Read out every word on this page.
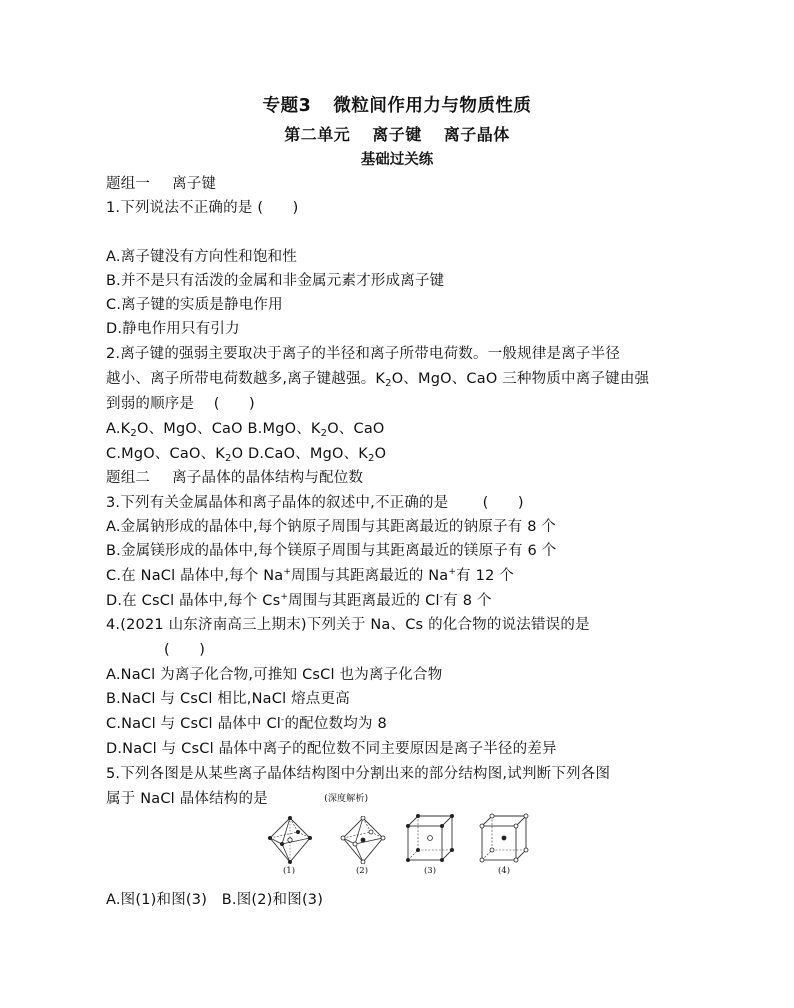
专题3 微粒间作用力与物质性质
第二单元 离子键 离子晶体
基础过关练
题组一 离子键
1.下列说法不正确的是 (　　)
A.离子键没有方向性和饱和性
B.并不是只有活泼的金属和非金属元素才形成离子键
C.离子键的实质是静电作用
D.静电作用只有引力
2.离子键的强弱主要取决于离子的半径和离子所带电荷数。一般规律是离子半径
越小、离子所带电荷数越多,离子键越强。$K_2O$、MgO、CaO 三种物质中离子键由强
到弱的顺序是　 (　　)
$A.K_2O$、MgO、CaO B.MgO、$K_2O$、CaO
C.MgO、CaO、$K_2O$ D.CaO、MgO、$K_2O$
题组二 离子晶体的晶体结构与配位数
3.下列有关金属晶体和离子晶体的叙述中,不正确的是　　 (　　)
A.金属钠形成的晶体中,每个钠原子周围与其距离最近的钠原子有 8 个
B.金属镁形成的晶体中,每个镁原子周围与其距离最近的镁原子有 6 个
C.在 NaCl 晶体中,每个 Na+周围与其距离最近的 Na+有 12 个
D.在 CsCl 晶体中,每个 Cs+周围与其距离最近的 Cl-有 8 个
4.(2021 山东济南高三上期末)下列关于 Na、Cs 的化合物的说法错误的是
(　　)
A.NaCl 为离子化合物,可推知 CsCl 也为离子化合物
B.NaCl 与 CsCl 相比,NaCl 熔点更高
C.NaCl 与 CsCl 晶体中 Cl-的配位数均为 8
D.NaCl 与 CsCl 晶体中离子的配位数不同主要原因是离子半径的差异
5.下列各图是从某些离子晶体结构图中分割出来的部分结构图,试判断下列各图
属于 NaCl 晶体结构的是　　 (深度解析)
(1)	(2)	(3)	(4)
A.图(1)和图(3)　B.图(2)和图(3)
